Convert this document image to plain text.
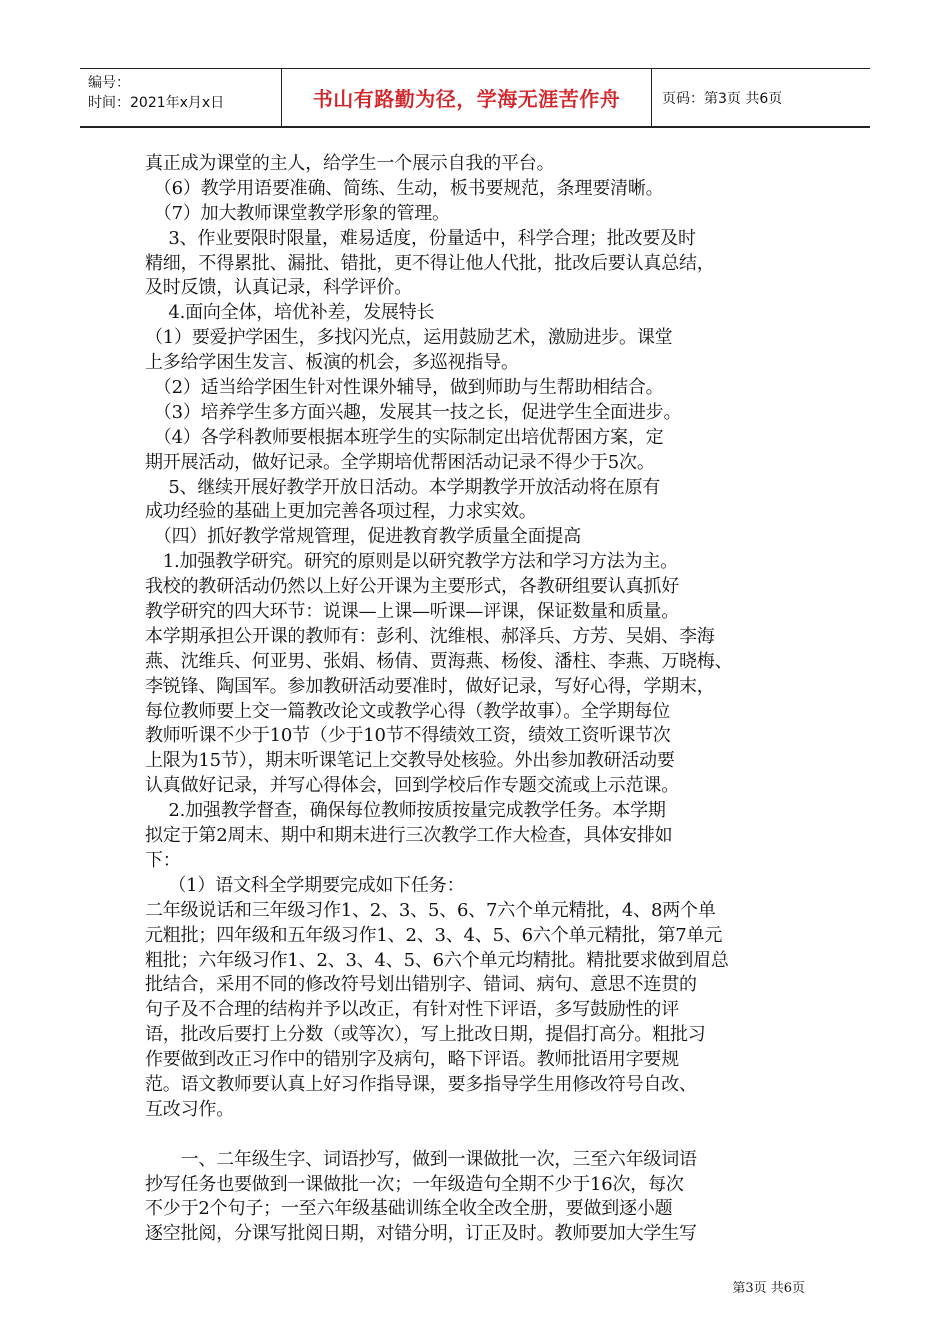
编号：
时间：2021年x月x日	书山有路勤为径，学海无涯苦作舟	页码：第3页 共6页
真正成为课堂的主人，给学生一个展示自我的平台。
　（6）教学用语要准确、简练、生动，板书要规范，条理要清晰。
　（7）加大教师课堂教学形象的管理。
　 3、作业要限时限量，难易适度，份量适中，科学合理；批改要及时
精细，不得累批、漏批、错批，更不得让他人代批，批改后要认真总结，
及时反馈，认真记录，科学评价。
　 4.面向全体，培优补差，发展特长
（1）要爱护学困生，多找闪光点，运用鼓励艺术，激励进步。课堂
上多给学困生发言、板演的机会，多巡视指导。
　（2）适当给学困生针对性课外辅导，做到师助与生帮助相结合。
　（3）培养学生多方面兴趣，发展其一技之长，促进学生全面进步。
　（4）各学科教师要根据本班学生的实际制定出培优帮困方案，定
期开展活动，做好记录。全学期培优帮困活动记录不得少于5次。
　 5、继续开展好教学开放日活动。本学期教学开放活动将在原有
成功经验的基础上更加完善各项过程，力求实效。
　（四）抓好教学常规管理，促进教育教学质量全面提高
　1.加强教学研究。研究的原则是以研究教学方法和学习方法为主。
我校的教研活动仍然以上好公开课为主要形式，各教研组要认真抓好
教学研究的四大环节：说课—上课—听课—评课，保证数量和质量。
本学期承担公开课的教师有：彭利、沈维根、郝泽兵、方芳、吴娟、李海
燕、沈维兵、何亚男、张娟、杨倩、贾海燕、杨俊、潘柱、李燕、万晓梅、
李锐锋、陶国军。参加教研活动要准时，做好记录，写好心得，学期末，
每位教师要上交一篇教改论文或教学心得（教学故事）。全学期每位
教师听课不少于10节（少于10节不得绩效工资，绩效工资听课节次
上限为15节），期末听课笔记上交教导处核验。外出参加教研活动要
认真做好记录，并写心得体会，回到学校后作专题交流或上示范课。
　 2.加强教学督查，确保每位教师按质按量完成教学任务。本学期
拟定于第2周末、期中和期末进行三次教学工作大检查，具体安排如
下：
　 （1）语文科全学期要完成如下任务：
二年级说话和三年级习作1、2、3、5、6、7六个单元精批，4、8两个单
元粗批；四年级和五年级习作1、2、3、4、5、6六个单元精批，第7单元
粗批；六年级习作1、2、3、4、5、6六个单元均精批。精批要求做到眉总
批结合，采用不同的修改符号划出错别字、错词、病句、意思不连贯的
句子及不合理的结构并予以改正，有针对性下评语，多写鼓励性的评
语，批改后要打上分数（或等次），写上批改日期，提倡打高分。粗批习
作要做到改正习作中的错别字及病句，略下评语。教师批语用字要规
范。语文教师要认真上好习作指导课，要多指导学生用修改符号自改、
互改习作。
　　一、二年级生字、词语抄写，做到一课做批一次，三至六年级词语
抄写任务也要做到一课做批一次；一年级造句全期不少于16次，每次
不少于2个句子；一至六年级基础训练全收全改全册，要做到逐小题
逐空批阅，分课写批阅日期，对错分明，订正及时。教师要加大学生写
第3页 共6页
